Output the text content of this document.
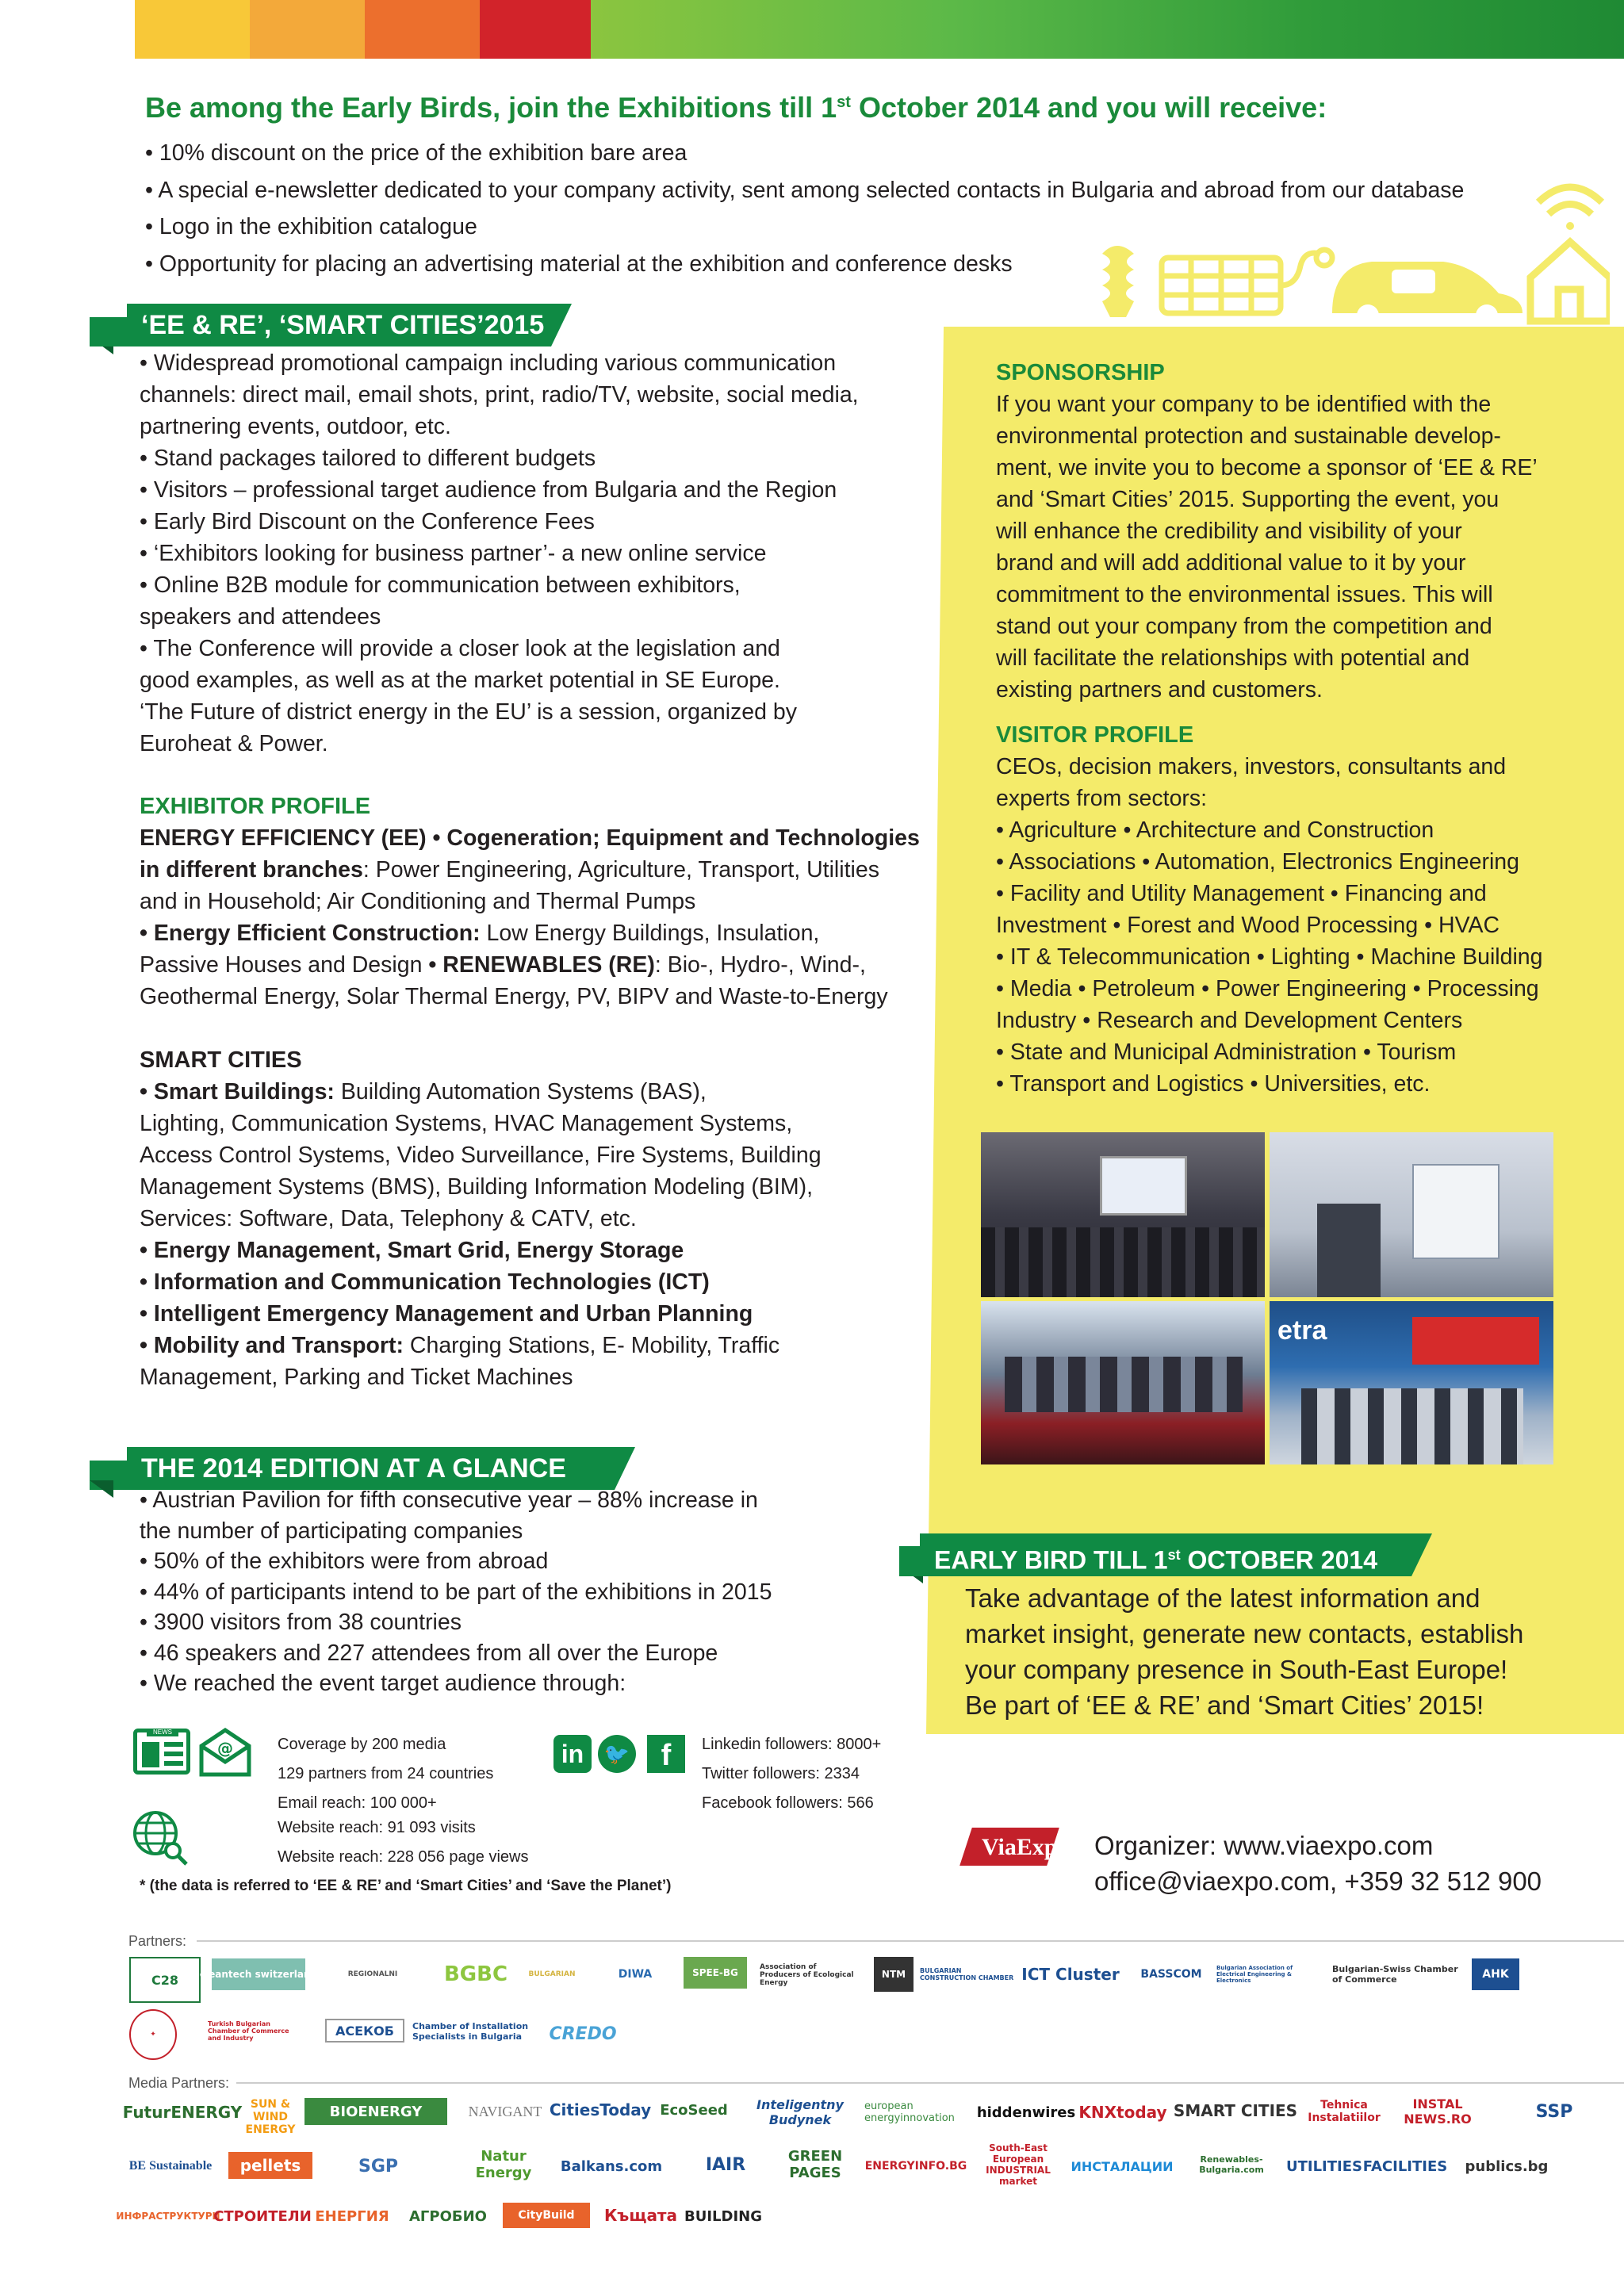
Be among the Early Birds, join the Exhibitions till 1st October 2014 and you will receive:
• 10% discount on the price of the exhibition bare area
• A special e-newsletter dedicated to your company activity, sent among selected contacts in Bulgaria and abroad from our database
• Logo in the exhibition catalogue
• Opportunity for placing an advertising material at the exhibition and conference desks
‘EE & RE’, ‘SMART CITIES’2015
• Widespread promotional campaign including various communication
channels: direct mail, email shots, print, radio/TV, website, social media,
partnering events, outdoor, etc.
• Stand packages tailored to different budgets
• Visitors – professional target audience from Bulgaria and the Region
• Early Bird Discount on the Conference Fees
• ‘Exhibitors looking for business partner’- a new online service
• Online B2B module for communication between exhibitors,
speakers and attendees
• The Conference will provide a closer look at the legislation and
good examples, as well as at the market potential in SE Europe.
‘The Future of district energy in the EU’ is a session, organized by
Euroheat & Power.
EXHIBITOR PROFILE
ENERGY EFFICIENCY (EE) • Cogeneration; Equipment and Technologies
in different branches: Power Engineering, Agriculture, Transport, Utilities
and in Household; Air Conditioning and Thermal Pumps
• Energy Efficient Construction: Low Energy Buildings, Insulation,
Passive Houses and Design • RENEWABLES (RE): Bio-, Hydro-, Wind-,
Geothermal Energy, Solar Thermal Energy, PV, BIPV and Waste-to-Energy
SMART CITIES
• Smart Buildings: Building Automation Systems (BAS),
Lighting, Communication Systems, HVAC Management Systems,
Access Control Systems, Video Surveillance, Fire Systems, Building
Management Systems (BMS), Building Information Modeling (BIM),
Services: Software, Data, Telephony & CATV, etc.
• Energy Management, Smart Grid, Energy Storage
• Information and Communication Technologies (ICT)
• Intelligent Emergency Management and Urban Planning
• Mobility and Transport: Charging Stations, E- Mobility, Traffic
Management, Parking and Ticket Machines
SPONSORSHIP
If you want your company to be identified with the
environmental protection and sustainable develop-
ment, we invite you to become a sponsor of ‘EE & RE’
and ‘Smart Cities’ 2015. Supporting the event, you
will enhance the credibility and visibility of your
brand and will add additional value to it by your
commitment to the environmental issues. This will
stand out your company from the competition and
will facilitate the relationships with potential and
existing partners and customers.
VISITOR PROFILE
CEOs, decision makers, investors, consultants and
experts from sectors:
• Agriculture • Architecture and Construction
• Associations • Automation, Electronics Engineering
• Facility and Utility Management • Financing and
Investment • Forest and Wood Processing • HVAC
• IT & Telecommunication • Lighting • Machine Building
• Media • Petroleum • Power Engineering • Processing
Industry • Research and Development Centers
• State and Municipal Administration • Tourism
• Transport and Logistics • Universities, etc.
etra
THE 2014 EDITION AT A GLANCE
• Austrian Pavilion for fifth consecutive year – 88% increase in
the number of participating companies
• 50% of the exhibitors were from abroad
• 44% of participants intend to be part of the exhibitions in 2015
• 3900 visitors from 38 countries
• 46 speakers and 227 attendees from all over the Europe
• We reached the event target audience through:
NEWS
@	Coverage by 200 media
129 partners from 24 countries
Email reach: 100 000+
in 🐦	f	Linkedin followers: 8000+
Twitter followers: 2334
Facebook followers: 566
Website reach: 91 093 visits
Website reach: 228 056 page views
* (the data is referred to ‘EE & RE’ and ‘Smart Cities’ and ‘Save the Planet’)
EARLY BIRD TILL 1st OCTOBER 2014
Take advantage of the latest information and
market insight, generate new contacts, establish
your company presence in South-East Europe!
Be part of ‘EE & RE’ and ‘Smart Cities’ 2015!
ViaExpo Organizer: www.viaexpo.com
office@viaexpo.com, +359 32 512 900
Partners:
C28	cleantech switzerland	REGIONALNI	BGBC	BULGARIAN	DIWA	SPEE-BG	Association of Producers of Ecological Energy
NTM	BULGARIAN CONSTRUCTION CHAMBER ICT Cluster	BASSCOM	Bulgarian Association of Electrical Engineering & Electronics
Bulgarian-Swiss Chamber of Commerce	AHK
✦
Turkish Bulgarian Chamber of Commerce and Industry	АСЕКОБ	Chamber of Installation Specialists in Bulgaria	CREDO
Media Partners:
FuturENERGY SUN & WIND ENERGY
BIOENERGY	NAVIGANT CitiesToday EcoSeed	Inteligentny Budynek
european energyinnovation	hiddenwires KNXtoday SMART CITIES	Tehnica Instalatiilor
INSTAL NEWS.RO	SSP
BE Sustainable	pellets	SGP	Natur Energy	Balkans.com	IAIR	GREEN PAGES	ENERGYINFO.BG
South-East European INDUSTRIAL market
ИНСТАЛАЦИИ	Renewables-Bulgaria.com	UTILITIES FACILITIES	publics.bg
ИНФРАСТРУКТУРИ
СТРОИТЕЛИ ЕНЕРГИЯ АГРОБИО	CityBuild	Къщата BUILDING
